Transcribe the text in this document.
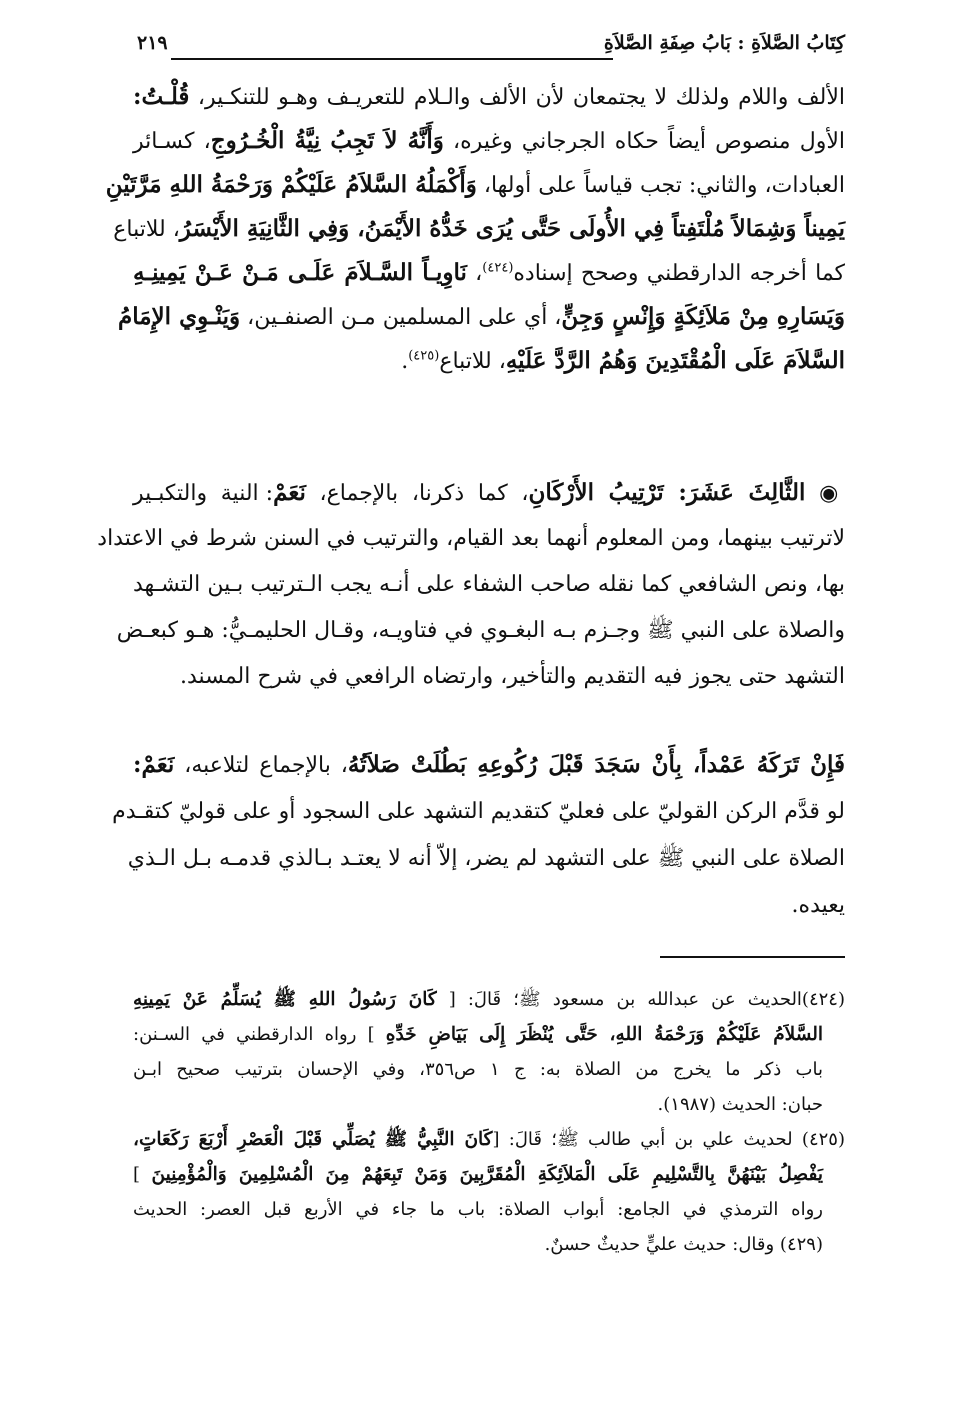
كِتَابُ الصَّلاَةِ : بَابُ صِفَةِ الصَّلاَةِ
٢١٩
الألف واللام ولذلك لا يجتمعان لأن الألف والـلام للتعريـف وهـو للتنكـير، قُلْـتُ:
الأول منصوص أيضاً حكاه الجرجاني وغيره، وَأَنَّهُ لاَ تَجِبُ نِيَّةُ الْخُـرُوجِ، كسـائر
العبادات، والثاني: تجب قياساً على أولها، وَأَكْمَلُهُ السَّلاَمُ عَلَيْكُمْ وَرَحْمَةُ اللهِ مَرَّتَيْنِ
يَمِيناً وَشِمَالاً مُلْتَفِتاً فِي الأُولَى حَتَّى يُرَى خَدُّهُ الأَيْمَنُ، وَفِي الثَّانِيَةِ الأَيْسَرُ، للاتباع
كما أخرجه الدارقطني وصحح إسناده$^{(٤٢٤)}$، نَاوِيـاً السَّـلاَمَ عَلَـى مَـنْ عَـنْ يَمِينِـهِ
وَيَسَارِهِ مِنْ مَلاَئِكَةٍ وَإِنْسٍ وَجِنٍّ، أي على المسلمين مـن الصنفـين، وَيَنْـوِي الإِمَامُ
السَّلاَمَ عَلَى الْمُقْتَدِينَ وَهُمُ الرَّدَّ عَلَيْهِ، للاتباع$^{(٤٢٥)}$.
◉ الثَّالِثَ عَشَرَ: تَرْتِيبُ الأَرْكَانِ، كما ذكرنا، بالإجماع، نَعَمْ: النية والتكبـير
لاترتيب بينهما، ومن المعلوم أنهما بعد القيام، والترتيب في السنن شرط في الاعتداد
بها، ونص الشافعي كما نقله صاحب الشفاء على أنـه يجب الـترتيب بـين التشـهد
والصلاة على النبي ﷺ وجـزم بـه البغـوي في فتاويـه، وقـال الحليمـيُّ: هـو كبعـض
التشهد حتى يجوز فيه التقديم والتأخير، وارتضاه الرافعي في شرح المسند.
فَإِنْ تَرَكَهُ عَمْداً، بِأَنْ سَجَدَ قَبْلَ رُكُوعِهِ بَطُلَتْ صَلاَتُهُ، بالإجماع لتلاعبه، نَعَمْ:
لو قدَّم الركن القوليّ على فعليّ كتقديم التشهد على السجود أو على قوليّ كتقـدم
الصلاة على النبي ﷺ على التشهد لم يضر، إلاّ أنه لا يعتـد بـالذي قدمـه بـل الـذي
يعيده.
(٤٢٤)الحديث عن عبدالله بن مسعود ﷺ؛ قَالَ: [ كَانَ رَسُولُ اللهِ ﷺ يُسَلِّمُ عَنْ يَمِينِهِ
السَّلاَمُ عَلَيْكُمْ وَرَحْمَةُ اللهِ، حَتَّى يُنْظَرَ إِلَى بَيَاضِ خَدِّهِ ] رواه الدارقطني في السـنن:
باب ذكر ما يخرج من الصلاة به: ج ١ ص٣٥٦، وفي الإحسان بترتيب صحيح ابـن
حبان: الحديث (١٩٨٧).
(٤٢٥) لحديث علي بن أبي طالب ﷺ؛ قَالَ: [كَانَ النَّبِيُّ ﷺ يُصَلِّي قَبْلَ الْعَصْرِ أَرْبَعَ رَكَعَاتٍ،
يَفْصِلُ بَيْنَهُنَّ بِالتَّسْلِيمِ عَلَى الْمَلاَئِكَةِ الْمُقَرَّبِينَ وَمَنْ تَبِعَهُمْ مِنَ الْمُسْلِمِينَ وَالْمُؤْمِنِينَ ]
رواه الترمذي في الجامع: أبواب الصلاة: باب ما جاء في الأربع قبل العصر: الحديث
(٤٢٩) وقال: حديث عليٍّ حديثٌ حسنٌ.
